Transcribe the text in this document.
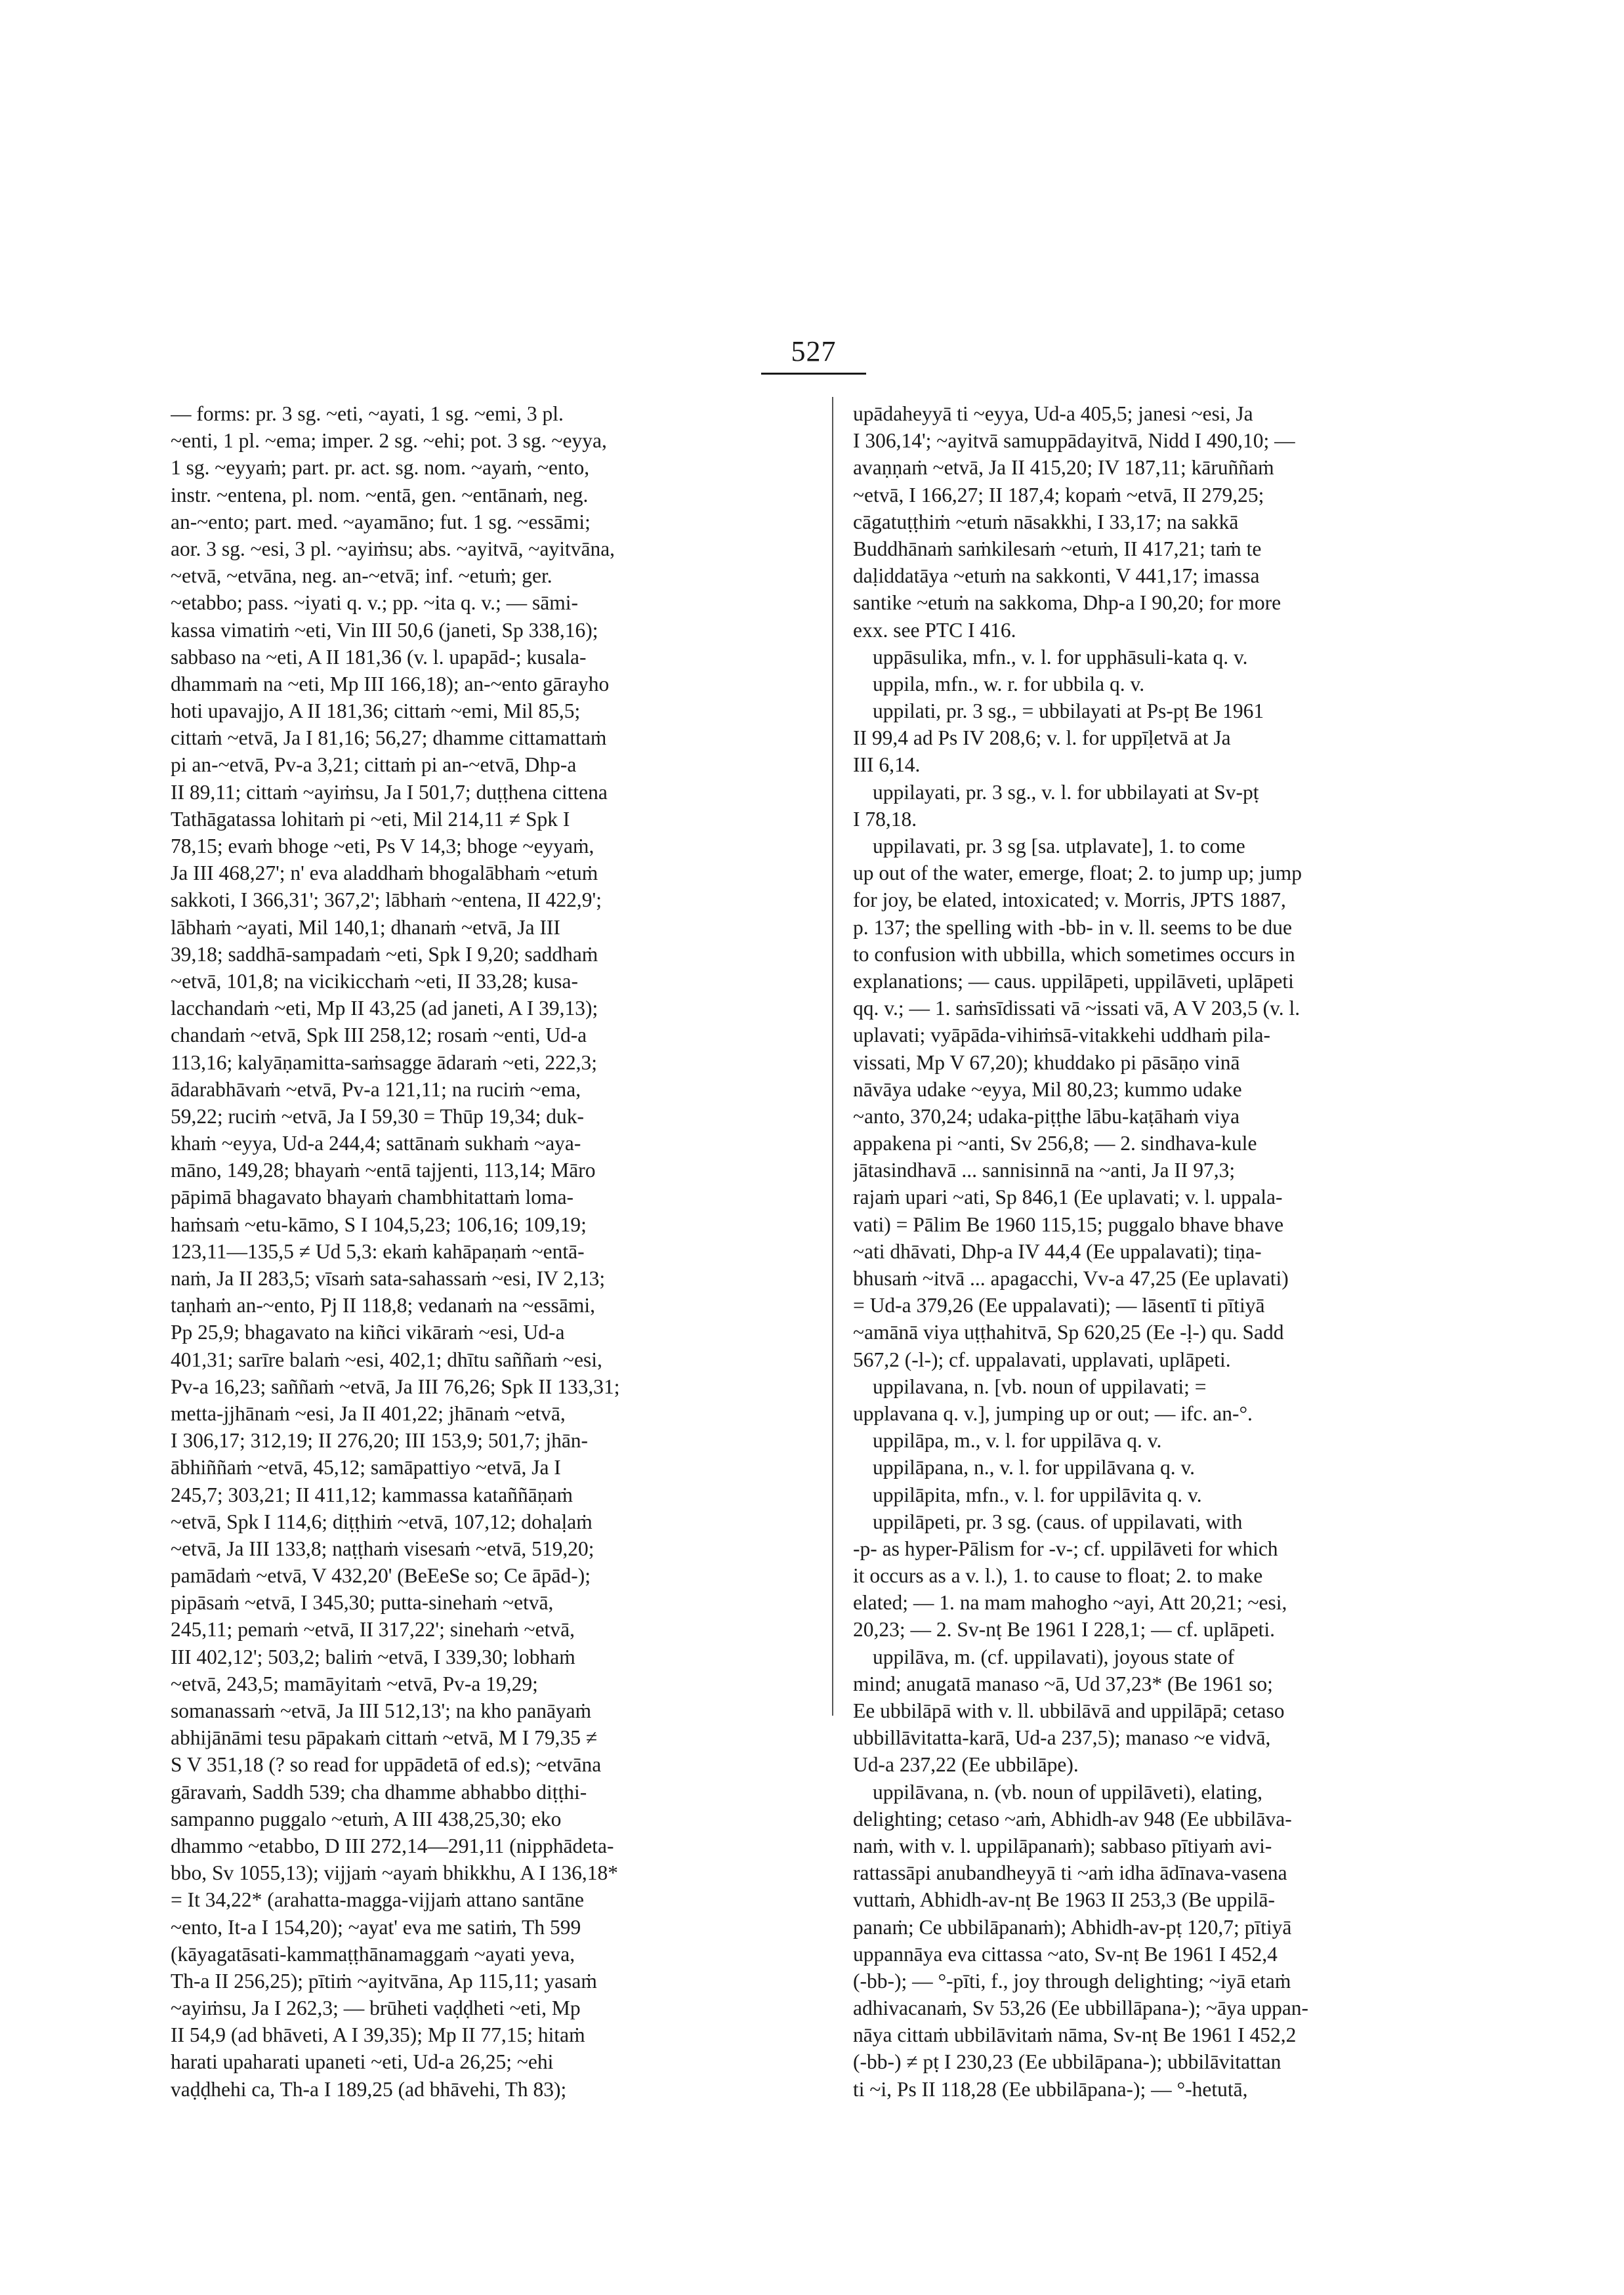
527
— forms: pr. 3 sg. ~eti, ~ayati, 1 sg. ~emi, 3 pl.
~enti, 1 pl. ~ema; imper. 2 sg. ~ehi; pot. 3 sg. ~eyya,
1 sg. ~eyyaṁ; part. pr. act. sg. nom. ~ayaṁ, ~ento,
instr. ~entena, pl. nom. ~entā, gen. ~entānaṁ, neg.
an-~ento; part. med. ~ayamāno; fut. 1 sg. ~essāmi;
aor. 3 sg. ~esi, 3 pl. ~ayiṁsu; abs. ~ayitvā, ~ayitvāna,
~etvā, ~etvāna, neg. an-~etvā; inf. ~etuṁ; ger.
~etabbo; pass. ~iyati q. v.; pp. ~ita q. v.; — sāmi-
kassa vimatiṁ ~eti, Vin III 50,6 (janeti, Sp 338,16);
sabbaso na ~eti, A II 181,36 (v. l. upapād-; kusala-
dhammaṁ na ~eti, Mp III 166,18); an-~ento gārayho
hoti upavajjo, A II 181,36; cittaṁ ~emi, Mil 85,5;
cittaṁ ~etvā, Ja I 81,16; 56,27; dhamme cittamattaṁ
pi an-~etvā, Pv-a 3,21; cittaṁ pi an-~etvā, Dhp-a
II 89,11; cittaṁ ~ayiṁsu, Ja I 501,7; duṭṭhena cittena
Tathāgatassa lohitaṁ pi ~eti, Mil 214,11 ≠ Spk I
78,15; evaṁ bhoge ~eti, Ps V 14,3; bhoge ~eyyaṁ,
Ja III 468,27'; n' eva aladdhaṁ bhogalābhaṁ ~etuṁ
sakkoti, I 366,31'; 367,2'; lābhaṁ ~entena, II 422,9';
lābhaṁ ~ayati, Mil 140,1; dhanaṁ ~etvā, Ja III
39,18; saddhā-sampadaṁ ~eti, Spk I 9,20; saddhaṁ
~etvā, 101,8; na vicikicchaṁ ~eti, II 33,28; kusa-
lacchandaṁ ~eti, Mp II 43,25 (ad janeti, A I 39,13);
chandaṁ ~etvā, Spk III 258,12; rosaṁ ~enti, Ud-a
113,16; kalyāṇamitta-saṁsagge ādaraṁ ~eti, 222,3;
ādarabhāvaṁ ~etvā, Pv-a 121,11; na ruciṁ ~ema,
59,22; ruciṁ ~etvā, Ja I 59,30 = Thūp 19,34; duk-
khaṁ ~eyya, Ud-a 244,4; sattānaṁ sukhaṁ ~aya-
māno, 149,28; bhayaṁ ~entā tajjenti, 113,14; Māro
pāpimā bhagavato bhayaṁ chambhitattaṁ loma-
haṁsaṁ ~etu-kāmo, S I 104,5,23; 106,16; 109,19;
123,11—135,5 ≠ Ud 5,3: ekaṁ kahāpaṇaṁ ~entā-
naṁ, Ja II 283,5; vīsaṁ sata-sahassaṁ ~esi, IV 2,13;
taṇhaṁ an-~ento, Pj II 118,8; vedanaṁ na ~essāmi,
Pp 25,9; bhagavato na kiñci vikāraṁ ~esi, Ud-a
401,31; sarīre balaṁ ~esi, 402,1; dhītu saññaṁ ~esi,
Pv-a 16,23; saññaṁ ~etvā, Ja III 76,26; Spk II 133,31;
metta-jjhānaṁ ~esi, Ja II 401,22; jhānaṁ ~etvā,
I 306,17; 312,19; II 276,20; III 153,9; 501,7; jhān-
ābhiññaṁ ~etvā, 45,12; samāpattiyo ~etvā, Ja I
245,7; 303,21; II 411,12; kammassa kataññāṇaṁ
~etvā, Spk I 114,6; diṭṭhiṁ ~etvā, 107,12; dohaḷaṁ
~etvā, Ja III 133,8; naṭṭhaṁ visesaṁ ~etvā, 519,20;
pamādaṁ ~etvā, V 432,20' (BeEeSe so; Ce āpād-);
pipāsaṁ ~etvā, I 345,30; putta-sinehaṁ ~etvā,
245,11; pemaṁ ~etvā, II 317,22'; sinehaṁ ~etvā,
III 402,12'; 503,2; baliṁ ~etvā, I 339,30; lobhaṁ
~etvā, 243,5; mamāyitaṁ ~etvā, Pv-a 19,29;
somanassaṁ ~etvā, Ja III 512,13'; na kho panāyaṁ
abhijānāmi tesu pāpakaṁ cittaṁ ~etvā, M I 79,35 ≠
S V 351,18 (? so read for uppādetā of ed.s); ~etvāna
gāravaṁ, Saddh 539; cha dhamme abhabbo diṭṭhi-
sampanno puggalo ~etuṁ, A III 438,25,30; eko
dhammo ~etabbo, D III 272,14—291,11 (nipphādeta-
bbo, Sv 1055,13); vijjaṁ ~ayaṁ bhikkhu, A I 136,18*
= It 34,22* (arahatta-magga-vijjaṁ attano santāne
~ento, It-a I 154,20); ~ayat' eva me satiṁ, Th 599
(kāyagatāsati-kammaṭṭhānamaggaṁ ~ayati yeva,
Th-a II 256,25); pītiṁ ~ayitvāna, Ap 115,11; yasaṁ
~ayiṁsu, Ja I 262,3; — brūheti vaḍḍheti ~eti, Mp
II 54,9 (ad bhāveti, A I 39,35); Mp II 77,15; hitaṁ
harati upaharati upaneti ~eti, Ud-a 26,25; ~ehi
vaḍḍhehi ca, Th-a I 189,25 (ad bhāvehi, Th 83);
upādaheyyā ti ~eyya, Ud-a 405,5; janesi ~esi, Ja
I 306,14'; ~ayitvā samuppādayitvā, Nidd I 490,10; —
avaṇṇaṁ ~etvā, Ja II 415,20; IV 187,11; kāruññaṁ
~etvā, I 166,27; II 187,4; kopaṁ ~etvā, II 279,25;
cāgatuṭṭhiṁ ~etuṁ nāsakkhi, I 33,17; na sakkā
Buddhānaṁ saṁkilesaṁ ~etuṁ, II 417,21; taṁ te
daḷiddatāya ~etuṁ na sakkonti, V 441,17; imassa
santike ~etuṁ na sakkoma, Dhp-a I 90,20; for more
exx. see PTC I 416.
uppāsulika, mfn., v. l. for upphāsuli-kata q. v.
uppila, mfn., w. r. for ubbila q. v.
uppilati, pr. 3 sg., = ubbilayati at Ps-pṭ Be 1961
II 99,4 ad Ps IV 208,6; v. l. for uppīḷetvā at Ja
III 6,14.
uppilayati, pr. 3 sg., v. l. for ubbilayati at Sv-pṭ
I 78,18.
uppilavati, pr. 3 sg [sa. utplavate], 1. to come
up out of the water, emerge, float; 2. to jump up; jump
for joy, be elated, intoxicated; v. Morris, JPTS 1887,
p. 137; the spelling with -bb- in v. ll. seems to be due
to confusion with ubbilla, which sometimes occurs in
explanations; — caus. uppilāpeti, uppilāveti, uplāpeti
qq. v.; — 1. saṁsīdissati vā ~issati vā, A V 203,5 (v. l.
uplavati; vyāpāda-vihiṁsā-vitakkehi uddhaṁ pila-
vissati, Mp V 67,20); khuddako pi pāsāṇo vinā
nāvāya udake ~eyya, Mil 80,23; kummo udake
~anto, 370,24; udaka-piṭṭhe lābu-kaṭāhaṁ viya
appakena pi ~anti, Sv 256,8; — 2. sindhava-kule
jātasindhavā ... sannisinnā na ~anti, Ja II 97,3;
rajaṁ upari ~ati, Sp 846,1 (Ee uplavati; v. l. uppala-
vati) = Pālim Be 1960 115,15; puggalo bhave bhave
~ati dhāvati, Dhp-a IV 44,4 (Ee uppalavati); tiṇa-
bhusaṁ ~itvā ... apagacchi, Vv-a 47,25 (Ee uplavati)
= Ud-a 379,26 (Ee uppalavati); — lāsentī ti pītiyā
~amānā viya uṭṭhahitvā, Sp 620,25 (Ee -ḷ-) qu. Sadd
567,2 (-l-); cf. uppalavati, upplavati, uplāpeti.
uppilavana, n. [vb. noun of uppilavati; =
upplavana q. v.], jumping up or out; — ifc. an-°.
uppilāpa, m., v. l. for uppilāva q. v.
uppilāpana, n., v. l. for uppilāvana q. v.
uppilāpita, mfn., v. l. for uppilāvita q. v.
uppilāpeti, pr. 3 sg. (caus. of uppilavati, with
-p- as hyper-Pālism for -v-; cf. uppilāveti for which
it occurs as a v. l.), 1. to cause to float; 2. to make
elated; — 1. na mam mahogho ~ayi, Att 20,21; ~esi,
20,23; — 2. Sv-nṭ Be 1961 I 228,1; — cf. uplāpeti.
uppilāva, m. (cf. uppilavati), joyous state of
mind; anugatā manaso ~ā, Ud 37,23* (Be 1961 so;
Ee ubbilāpā with v. ll. ubbilāvā and uppilāpā; cetaso
ubbillāvitatta-karā, Ud-a 237,5); manaso ~e vidvā,
Ud-a 237,22 (Ee ubbilāpe).
uppilāvana, n. (vb. noun of uppilāveti), elating,
delighting; cetaso ~aṁ, Abhidh-av 948 (Ee ubbilāva-
naṁ, with v. l. uppilāpanaṁ); sabbaso pītiyaṁ avi-
rattassāpi anubandheyyā ti ~aṁ idha ādīnava-vasena
vuttaṁ, Abhidh-av-nṭ Be 1963 II 253,3 (Be uppilā-
panaṁ; Ce ubbilāpanaṁ); Abhidh-av-pṭ 120,7; pītiyā
uppannāya eva cittassa ~ato, Sv-nṭ Be 1961 I 452,4
(-bb-); — °-pīti, f., joy through delighting; ~iyā etaṁ
adhivacanaṁ, Sv 53,26 (Ee ubbillāpana-); ~āya uppan-
nāya cittaṁ ubbilāvitaṁ nāma, Sv-nṭ Be 1961 I 452,2
(-bb-) ≠ pṭ I 230,23 (Ee ubbilāpana-); ubbilāvitattan
ti ~i, Ps II 118,28 (Ee ubbilāpana-); — °-hetutā,
